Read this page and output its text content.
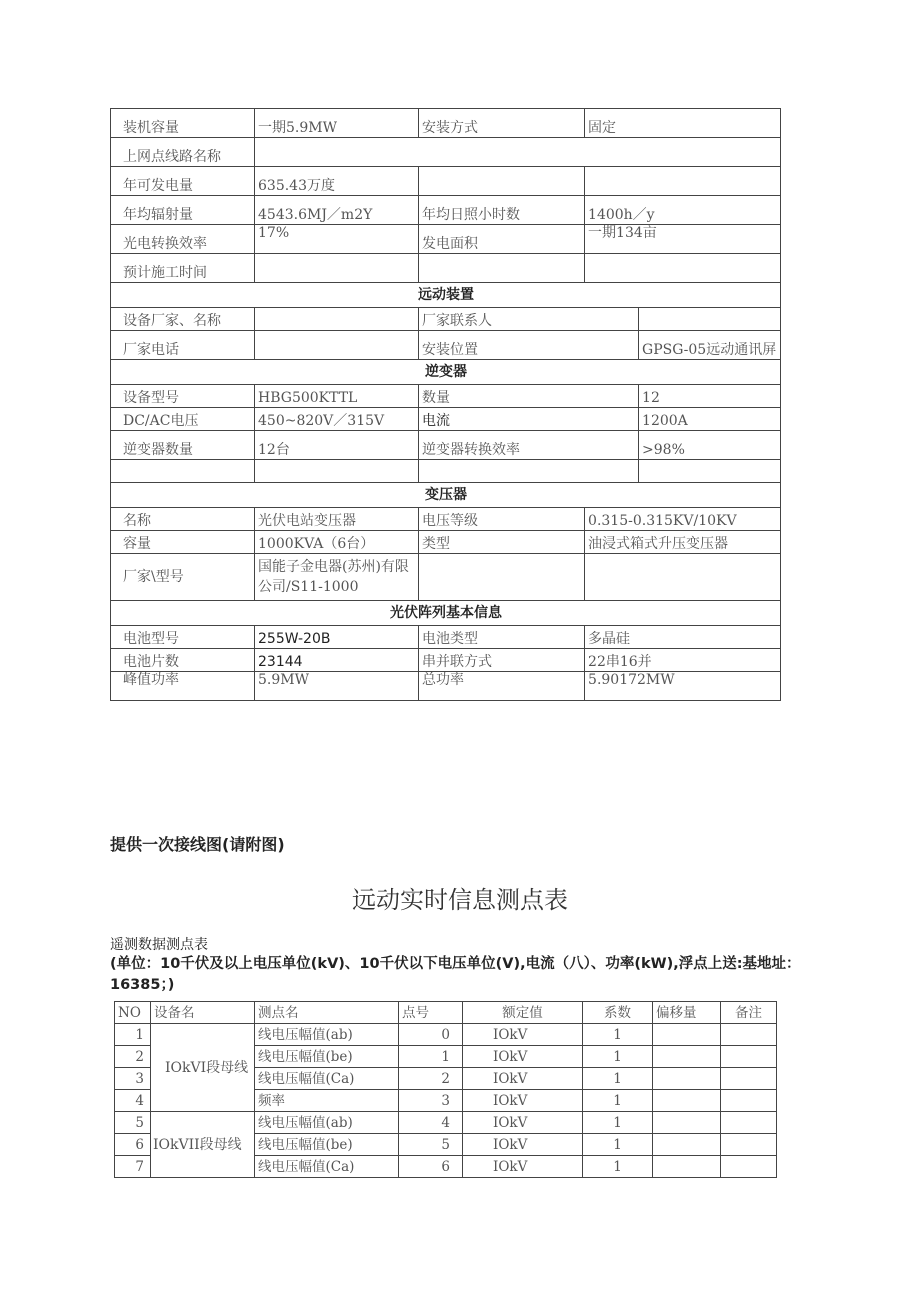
装机容量	一期5.9MW	安装方式	固定	
上网点线路名称				
年可发电量	635.43万度			
年均辐射量	4543.6MJ／m2Y	年均日照小时数	1400h／y	
光电转换效率	17%	发电面积	一期134亩	
预计施工时间				
远动装置				
设备厂家、名称		厂家联系人		
厂家电话		安装位置		GPSG-05远动通讯屏
逆变器				
设备型号	HBG500KTTL	数量		12
DC/AC电压	450~820V／315V	电流		1200A
逆变器数量	12台	逆变器转换效率		>98%

变压器				
名称	光伏电站变压器	电压等级	0.315-0.315KV/10KV	
容量	1000KVA（6台）	类型	油浸式箱式升压变压器	
厂家\型号	国能子金电器(苏州)有限公司/S11-1000			
光伏阵列基本信息				
电池型号	255W-20B	电池类型	多晶硅	
电池片数	23144	串并联方式	22串16并	
峰值功率	5.9MW	总功率	5.90172MW	
提供一次接线图(请附图)
远动实时信息测点表
遥测数据测点表
(单位：10千伏及以上电压单位(kV)、10千伏以下电压单位(V),电流（八）、功率(kW),浮点上送:基地址：16385；)
NO	设备名	测点名	点号	额定值	系数	偏移量	备注
1	IOkVI段母线	线电压幅值(ab)	0	IOkV	1		
2		线电压幅值(be)	1	IOkV	1		
3		线电压幅值(Ca)	2	IOkV	1		
4		频率	3	IOkV	1		
5	IOkVII段母线	线电压幅值(ab)	4	IOkV	1		
6		线电压幅值(be)	5	IOkV	1		
7		线电压幅值(Ca)	6	IOkV	1		
